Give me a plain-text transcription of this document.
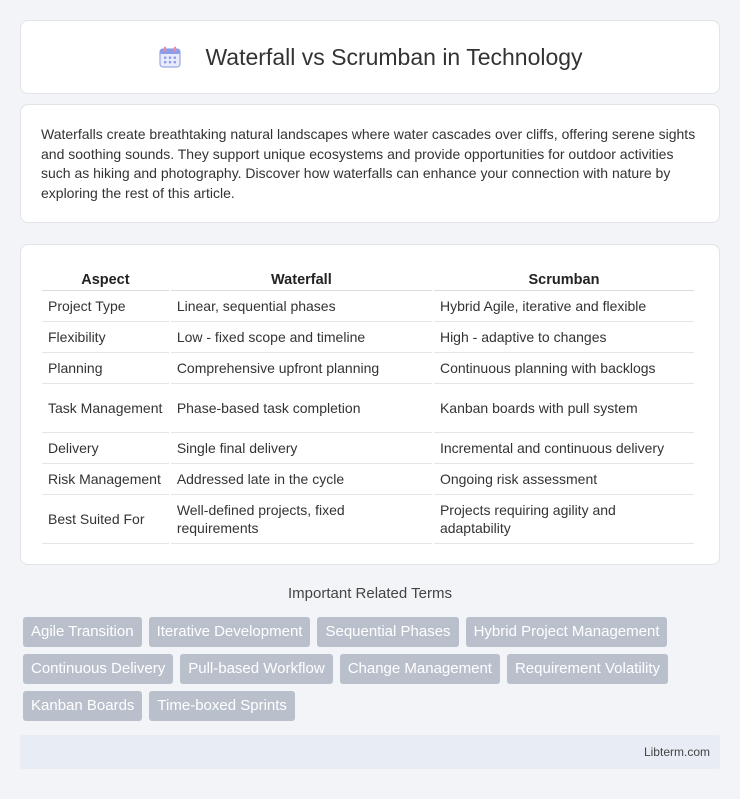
Waterfall vs Scrumban in Technology

Waterfalls create breathtaking natural landscapes where water cascades over cliffs, offering serene sights and soothing sounds. They support unique ecosystems and provide opportunities for outdoor activities such as hiking and photography. Discover how waterfalls can enhance your connection with nature by exploring the rest of this article.

Aspect	Waterfall	Scrumban
Project Type	Linear, sequential phases	Hybrid Agile, iterative and flexible
Flexibility	Low - fixed scope and timeline	High - adaptive to changes
Planning	Comprehensive upfront planning	Continuous planning with backlogs
Task Management	Phase-based task completion	Kanban boards with pull system
Delivery	Single final delivery	Incremental and continuous delivery
Risk Management	Addressed late in the cycle	Ongoing risk assessment
Best Suited For	Well-defined projects, fixed requirements	Projects requiring agility and adaptability
Important Related Terms
Agile Transition	Iterative Development	Sequential Phases	Hybrid Project Management
Continuous Delivery	Pull-based Workflow	Change Management	Requirement Volatility
Kanban Boards	Time-boxed Sprints
Libterm.com
